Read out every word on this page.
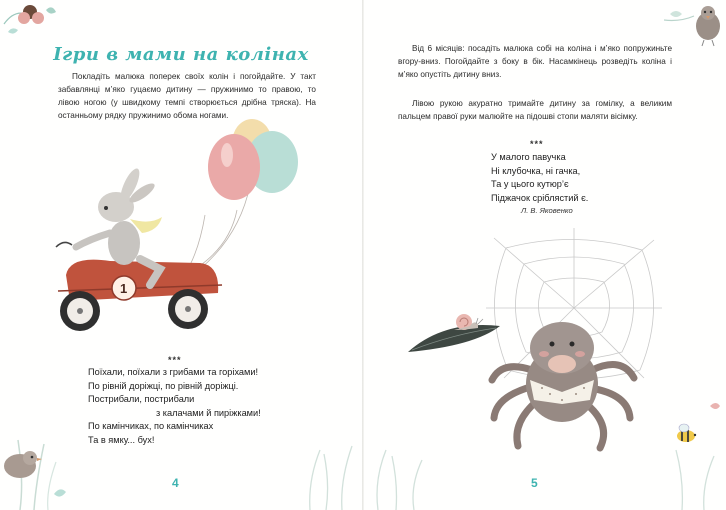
Ігри в мами на колінах
Покладіть малюка поперек своїх колін і погойдайте. У такт забавлянці м’яко гуцаємо дитину — пружинимо то правою, то лівою ногою (у швидкому темпі створюється дрібна тряска). На останньому рядку пружинимо обома ногами.
1
***
Поїхали, поїхали з грибами та горіхами!
По рівній доріжці, по рівній доріжці.
Пострибали, пострибали
з калачами й пиріжками!
По камінчиках, по камінчиках
Та в ямку... бух!
4
Від 6 місяців: посадіть малюка собі на коліна і м’яко попружиньте вгору-вниз. Погойдайте з боку в бік. Насамкінець розведіть коліна і м’яко опустіть дитину вниз.
Лівою рукою акуратно тримайте дитину за гомілку, а великим пальцем правої руки малюйте на підошві стопи маляти вісімку.
***
У малого павучка
Ні клубочка, ні гачка,
Та у цього кутюр’є
Піджачок сріблястий є.
Л. В. Яковенко
5
